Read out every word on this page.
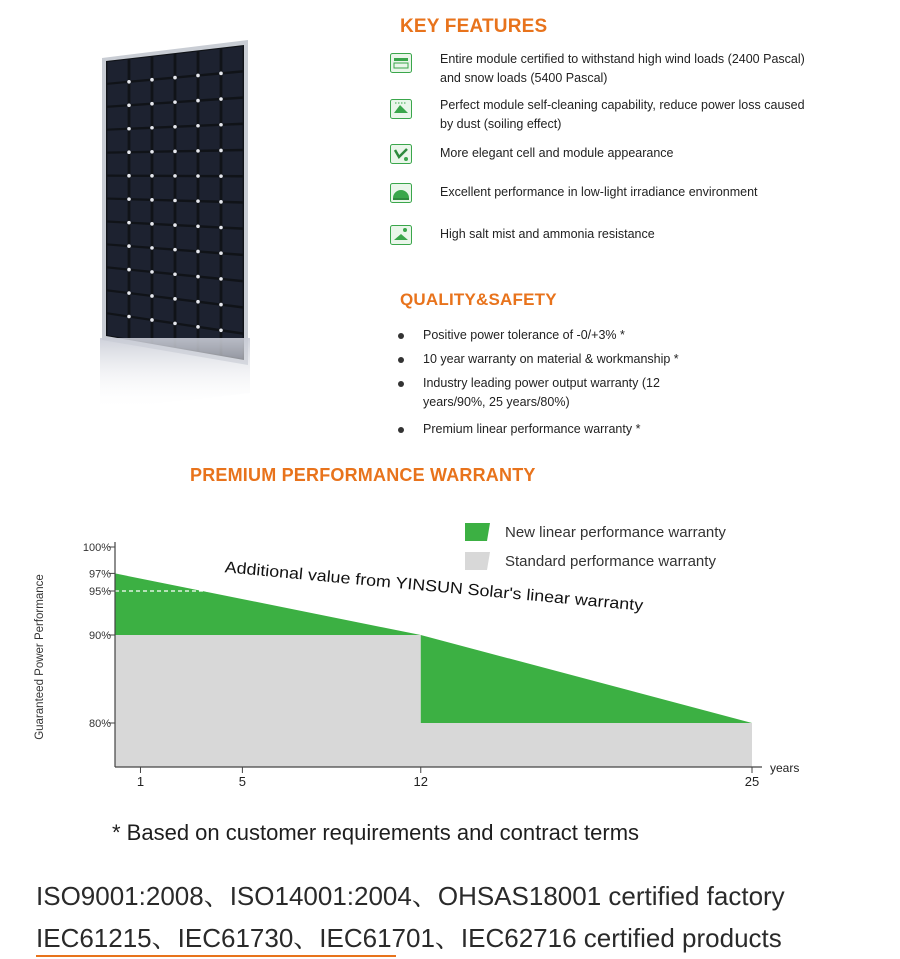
KEY FEATURES
Entire module certified to withstand high wind loads (2400 Pascal) and snow loads (5400 Pascal)
Perfect module self-cleaning capability, reduce power loss caused by dust (soiling effect)
More elegant cell and module appearance
Excellent performance in low-light irradiance environment
High salt mist and ammonia resistance
QUALITY&SAFETY
Positive power tolerance of -0/+3% *
10 year warranty on material & workmanship *
Industry leading power output warranty (12 years/90%, 25 years/80%)
Premium linear performance warranty *
PREMIUM PERFORMANCE WARRANTY
100%
97%
95%
90%
80%
1	5	12	25
years
Guaranteed Power Performance	Additional value from YINSUN Solar's linear warranty
New linear performance warranty
Standard performance warranty
* Based on customer requirements and contract terms
ISO9001:2008、ISO14001:2004、OHSAS18001 certified factory
IEC61215、IEC61730、IEC61701、IEC62716 certified products
